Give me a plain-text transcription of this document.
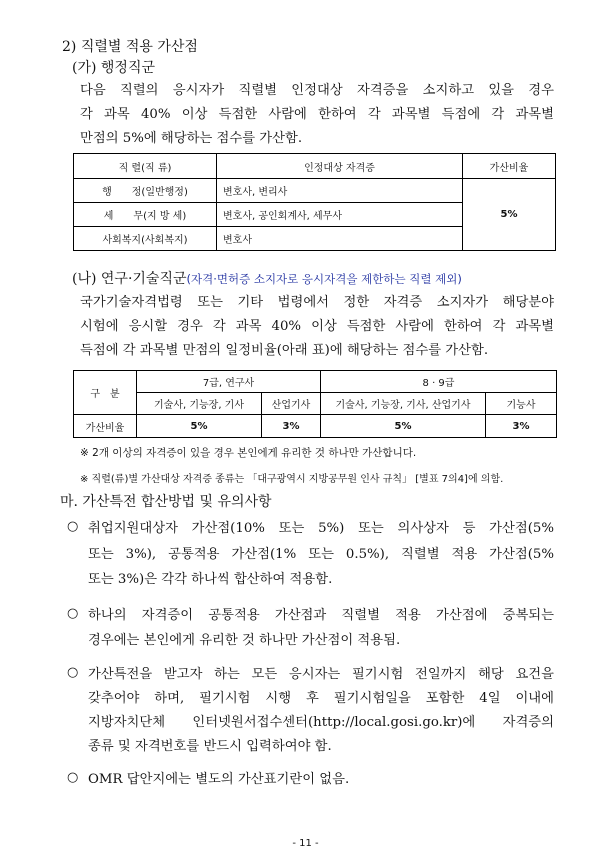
2) 직렬별 적용 가산점
(가) 행정직군
다음 직렬의 응시자가 직렬별 인정대상 자격증을 소지하고 있을 경우
각 과목 40% 이상 득점한 사람에 한하여 각 과목별 득점에 각 과목별
만점의 5%에 해당하는 점수를 가산함.
직 렬(직 류)	인정대상 자격증	가산비율
행　　정(일반행정)	변호사, 변리사	5%
세　　무(지 방 세)	변호사, 공인회계사, 세무사	
사회복지(사회복지)	변호사	
(나) 연구·기술직군(자격·면허증 소지자로 응시자격을 제한하는 직렬 제외)
국가기술자격법령 또는 기타 법령에서 정한 자격증 소지자가 해당분야
시험에 응시할 경우 각 과목 40% 이상 득점한 사람에 한하여 각 과목별
득점에 각 과목별 만점의 일정비율(아래 표)에 해당하는 점수를 가산함.
구　분	7급, 연구사		8 · 9급	
	기술사, 기능장, 기사	산업기사	기술사, 기능장, 기사, 산업기사	기능사
가산비율	5%	3%	5%	3%
※ 2개 이상의 자격증이 있을 경우 본인에게 유리한 것 하나만 가산합니다.
※ 직렬(류)별 가산대상 자격증 종류는 「대구광역시 지방공무원 인사 규칙」 [별표 7의4]에 의함.
마. 가산특전 합산방법 및 유의사항
○ 취업지원대상자 가산점(10% 또는 5%) 또는 의사상자 등 가산점(5%
또는 3%), 공통적용 가산점(1% 또는 0.5%), 직렬별 적용 가산점(5%
또는 3%)은 각각 하나씩 합산하여 적용함.
○ 하나의 자격증이 공통적용 가산점과 직렬별 적용 가산점에 중복되는
경우에는 본인에게 유리한 것 하나만 가산점이 적용됨.
○ 가산특전을 받고자 하는 모든 응시자는 필기시험 전일까지 해당 요건을
갖추어야 하며, 필기시험 시행 후 필기시험일을 포함한 4일 이내에
지방자치단체 인터넷원서접수센터(http://local.gosi.go.kr)에 자격증의
종류 및 자격번호를 반드시 입력하여야 함.
○ OMR 답안지에는 별도의 가산표기란이 없음.
- 11 -
